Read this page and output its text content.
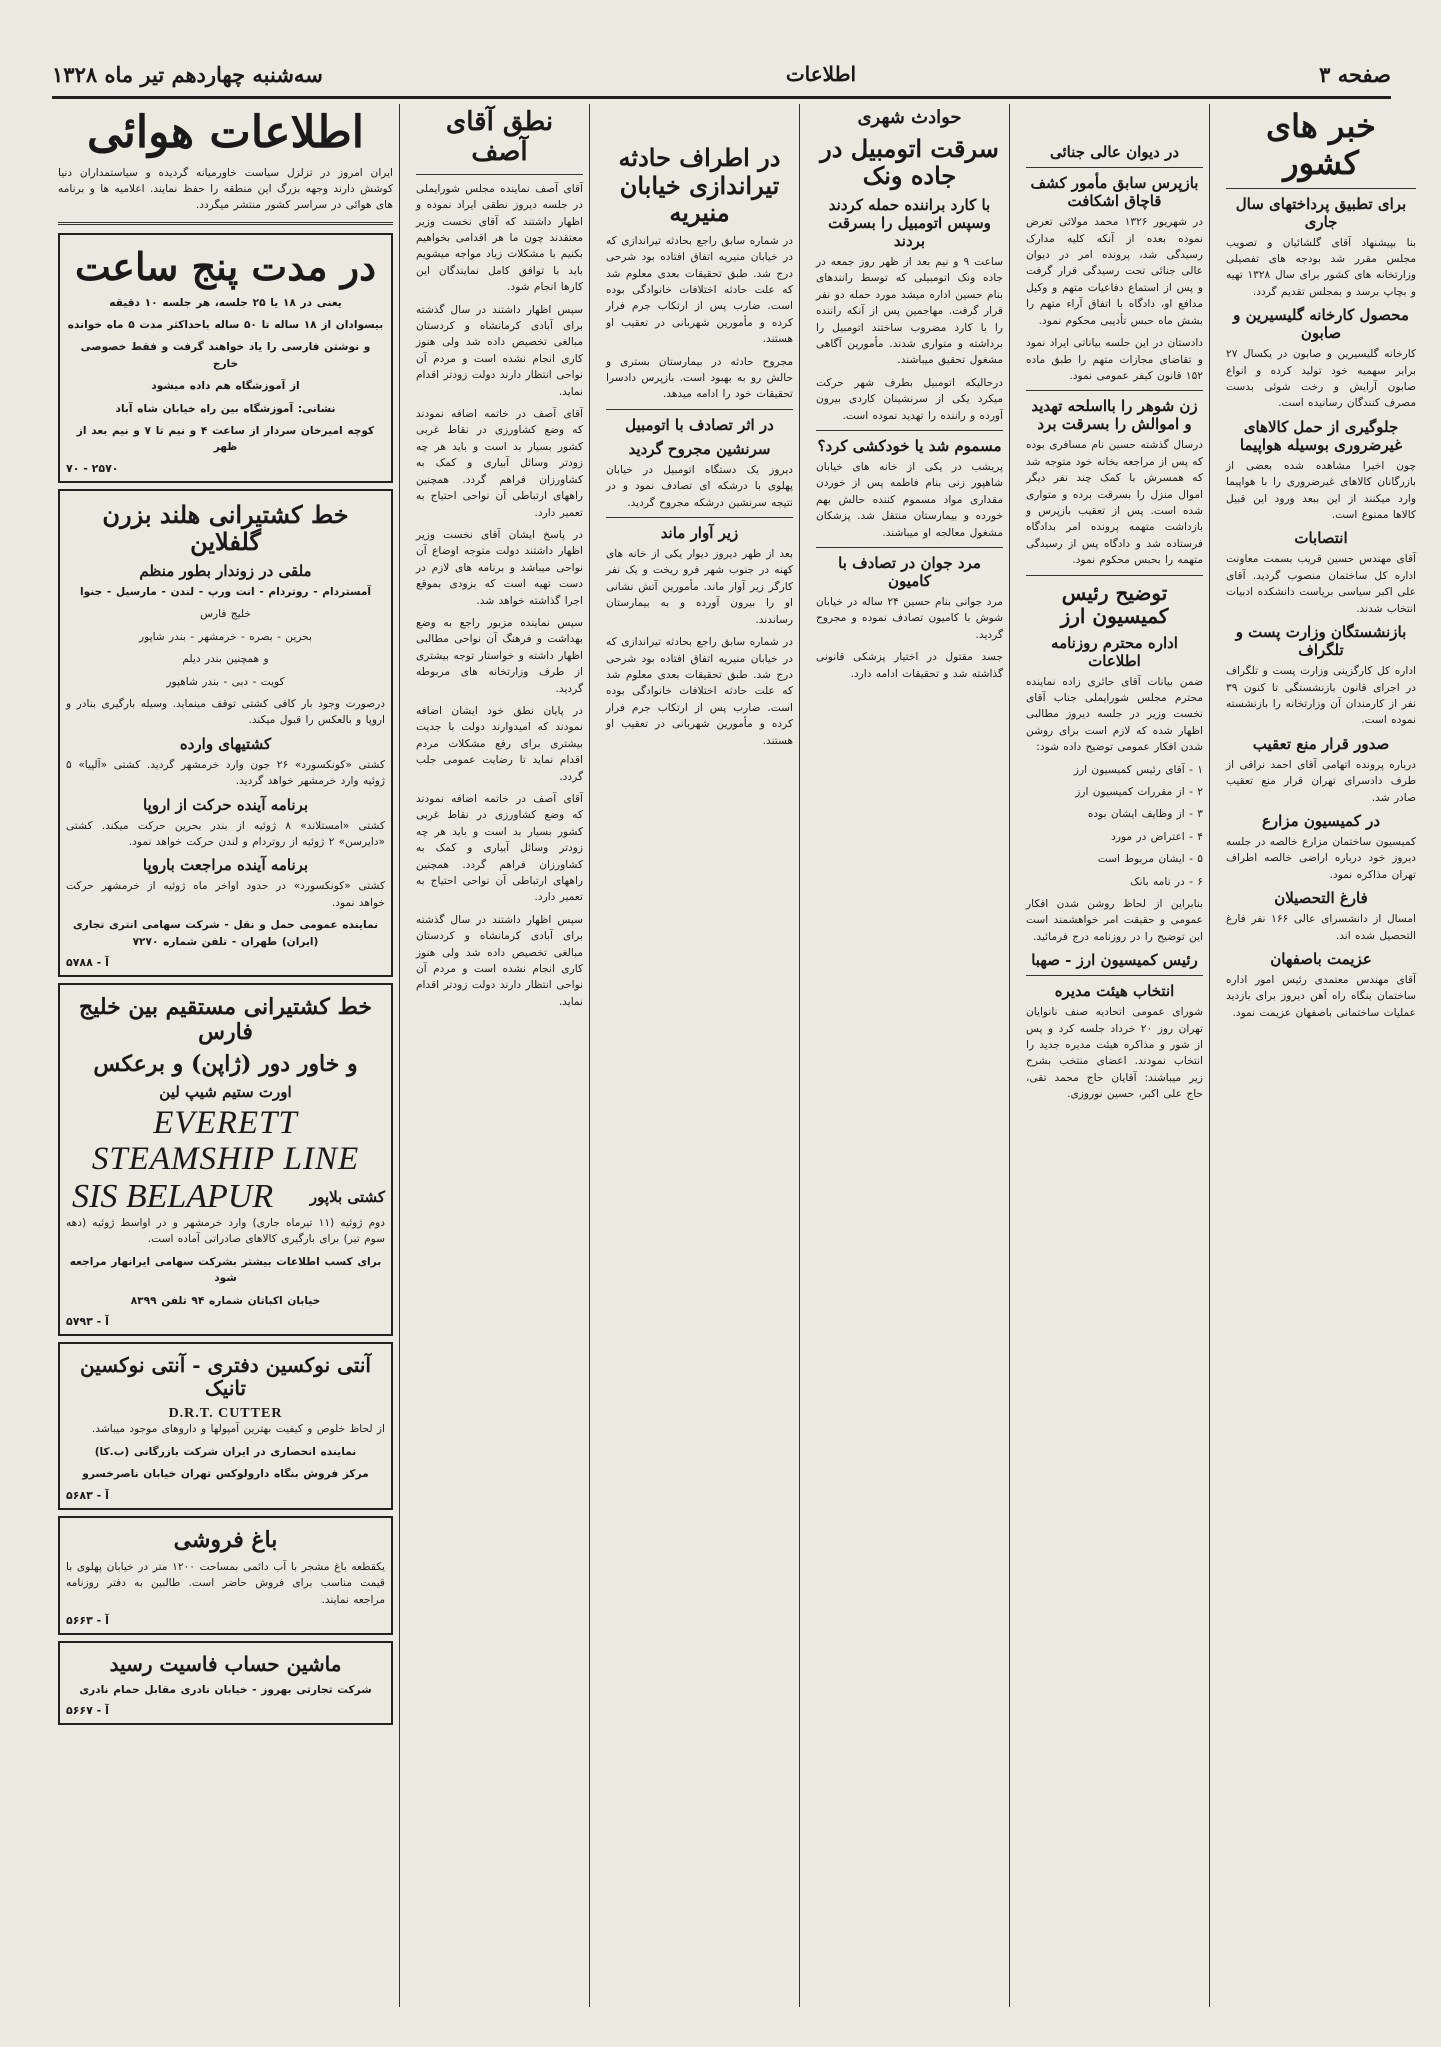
صفحه ۳
اطلاعات
سه‌شنبه چهاردهم تیر ماه ۱۳۲۸
اطلاعات هوائی

ایران امروز در تزلزل سیاست خاورمیانه گردیده و سیاستمداران دنیا کوشش دارند وجهه بزرگ این منطقه را حفظ نمایند. اعلامیه ها و برنامه های هوائی در سراسر کشور منتشر میگردد.

در مدت پنج ساعت
یعنی در ۱۸ یا ۲۵ جلسه، هر جلسه ۱۰ دقیقه
بیسوادان از ۱۸ ساله تا ۵۰ ساله باحداکثر مدت ۵ ماه خوانده
و نوشتن فارسی را یاد خواهند گرفت و فقط خصوصی خارج
از آموزشگاه هم داده میشود
نشانی: آموزشگاه بین راه خیابان شاه آباد
کوچه امیرخان سردار از ساعت ۴ و نیم تا ۷ و نیم بعد از ظهر
۷۰ - ۲۵۷۰
خط کشتیرانی هلند بزرن گلفلاین
ملقی در زوندار بطور منظم
آمستردام - روتردام - انت ورپ - لندن - مارسیل - جنوا
خلیج فارس
بحرین - بصره - خرمشهر - بندر شاپور
و همچنین بندر دیلم
کویت - دبی - بندر شاهپور

درصورت وجود بار کافی کشتی توقف مینماید. وسیله بارگیری بنادر و اروپا و بالعکس را قبول میکند.

کشتیهای وارده

کشتی «کونکسورد» ۲۶ جون وارد خرمشهر گردید. کشتی «آلپیا» ۵ ژوئیه وارد خرمشهر خواهد گردید.

برنامه آینده حرکت از اروپا

کشتی «امستلاند» ۸ ژوئیه از بندر بحرین حرکت میکند. کشتی «دایرسن» ۲ ژوئیه از روتردام و لندن حرکت خواهد نمود.

برنامه آینده مراجعت باروپا

کشتی «کونکسورد» در حدود اواخر ماه ژوئیه از خرمشهر حرکت خواهد نمود.

نماینده عمومی حمل و نقل - شرکت سهامی انتری تجاری (ایران) طهران - تلفن شماره ۷۲۷۰

۵۷۸۸ - آ
خط کشتیرانی مستقیم بین خلیج فارس
و خاور دور (ژاپن) و برعکس
اورت ستیم شیپ لین
EVERETT STEAMSHIP LINE
SIS BELAPUR کشتی بلاپور

دوم ژوئیه (۱۱ تیرماه جاری) وارد خرمشهر و در اواسط ژوئیه (دهه سوم تیر) برای بارگیری کالاهای صادراتی آماده است.

برای کسب اطلاعات بیشتر بشرکت سهامی ایرانهار مراجعه شود

خیابان اکباتان شماره ۹۴ تلفن ۸۳۹۹

۵۷۹۳ - آ
آنتی نوکسین دفتری - آنتی نوکسین تانیک
D.R.T. CUTTER

از لحاظ خلوص و کیفیت بهترین آمپولها و داروهای موجود میباشد.

نماینده انحصاری در ایران شرکت بازرگانی (ب.کا)

مرکز فروش بنگاه دارولوکس تهران خیابان ناصرخسرو

۵۶۸۳ - آ
باغ فروشی

یکقطعه باغ مشجر با آب دائمی بمساحت ۱۲۰۰ متر در خیابان پهلوی با قیمت مناسب برای فروش حاضر است. طالبین به دفتر روزنامه مراجعه نمایند.

۵۶۶۳ - آ
ماشین حساب فاسیت رسید

شرکت تجارتی بهروز - خیابان نادری مقابل حمام نادری

۵۶۶۷ - آ
نطق آقای آصف

آقای آصف نماینده مجلس شورایملی در جلسه دیروز نطقی ایراد نموده و اظهار داشتند که آقای نخست وزیر معتقدند چون ما هر اقدامی بخواهیم بکنیم با مشکلات زیاد مواجه میشویم باید با توافق کامل نمایندگان این کارها انجام شود.

سپس اظهار داشتند در سال گذشته برای آبادی کرمانشاه و کردستان مبالغی تخصیص داده شد ولی هنوز کاری انجام نشده است و مردم آن نواحی انتظار دارند دولت زودتر اقدام نماید.

آقای آصف در خاتمه اضافه نمودند که وضع کشاورزی در نقاط غربی کشور بسیار بد است و باید هر چه زودتر وسائل آبیاری و کمک به کشاورزان فراهم گردد. همچنین راههای ارتباطی آن نواحی احتیاج به تعمیر دارد.

در پاسخ ایشان آقای نخست وزیر اظهار داشتند دولت متوجه اوضاع آن نواحی میباشد و برنامه های لازم در دست تهیه است که بزودی بموقع اجرا گذاشته خواهد شد.

سپس نماینده مزبور راجع به وضع بهداشت و فرهنگ آن نواحی مطالبی اظهار داشته و خواستار توجه بیشتری از طرف وزارتخانه های مربوطه گردید.

در پایان نطق خود ایشان اضافه نمودند که امیدوارند دولت با جدیت بیشتری برای رفع مشکلات مردم اقدام نماید تا رضایت عمومی جلب گردد.

آقای آصف در خاتمه اضافه نمودند که وضع کشاورزی در نقاط غربی کشور بسیار بد است و باید هر چه زودتر وسائل آبیاری و کمک به کشاورزان فراهم گردد. همچنین راههای ارتباطی آن نواحی احتیاج به تعمیر دارد.

سپس اظهار داشتند در سال گذشته برای آبادی کرمانشاه و کردستان مبالغی تخصیص داده شد ولی هنوز کاری انجام نشده است و مردم آن نواحی انتظار دارند دولت زودتر اقدام نماید.

در اطراف حادثه تیراندازی خیابان منیریه

در شماره سابق راجع بحادثه تیراندازی که در خیابان منیریه اتفاق افتاده بود شرحی درج شد. طبق تحقیقات بعدی معلوم شد که علت حادثه اختلافات خانوادگی بوده است. ضارب پس از ارتکاب جرم فرار کرده و مأمورین شهربانی در تعقیب او هستند.

مجروح حادثه در بیمارستان بستری و حالش رو به بهبود است. بازپرس دادسرا تحقیقات خود را ادامه میدهد.

در اثر تصادف با اتومبیل
سرنشین مجروح گردید

دیروز یک دستگاه اتومبیل در خیابان پهلوی با درشکه ای تصادف نمود و در نتیجه سرنشین درشکه مجروح گردید.

زیر آوار ماند

بعد از ظهر دیروز دیوار یکی از خانه های کهنه در جنوب شهر فرو ریخت و یک نفر کارگر زیر آوار ماند. مأمورین آتش نشانی او را بیرون آورده و به بیمارستان رساندند.

در شماره سابق راجع بحادثه تیراندازی که در خیابان منیریه اتفاق افتاده بود شرحی درج شد. طبق تحقیقات بعدی معلوم شد که علت حادثه اختلافات خانوادگی بوده است. ضارب پس از ارتکاب جرم فرار کرده و مأمورین شهربانی در تعقیب او هستند.

حوادث شهری
سرقت اتومبیل در جاده ونک
با کارد براننده حمله کردند وسپس اتومبیل را بسرقت بردند

ساعت ۹ و نیم بعد از ظهر روز جمعه در جاده ونک اتومبیلی که توسط رانندهای بنام حسین اداره میشد مورد حمله دو نفر قرار گرفت. مهاجمین پس از آنکه راننده را با کارد مضروب ساختند اتومبیل را برداشته و متواری شدند. مأمورین آگاهی مشغول تحقیق میباشند.

درحالیکه اتومبیل بطرف شهر حرکت میکرد یکی از سرنشینان کاردی بیرون آورده و راننده را تهدید نموده است.

مسموم شد یا خودکشی کرد؟

پریشب در یکی از خانه های خیابان شاهپور زنی بنام فاطمه پس از خوردن مقداری مواد مسموم کننده حالش بهم خورده و بیمارستان منتقل شد. پزشکان مشغول معالجه او میباشند.

مرد جوان در تصادف با کامیون

مرد جوانی بنام حسین ۲۴ ساله در خیابان شوش با کامیون تصادف نموده و مجروح گردید.

جسد مقتول در اختیار پزشکی قانونی گذاشته شد و تحقیقات ادامه دارد.

در دیوان عالی جنائی
بازپرس سابق مأمور کشف قاچاق اشکافت

در شهریور ۱۳۲۶ محمد مولائی تعرض نموده بعده از آنکه کلیه مدارک رسیدگی شد، پرونده امر در دیوان عالی جنائی تحت رسیدگی قرار گرفت و پس از استماع دفاعیات متهم و وکیل مدافع او، دادگاه با اتفاق آراء متهم را بشش ماه حبس تأدیبی محکوم نمود.

دادستان در این جلسه بیاناتی ایراد نمود و تقاضای مجازات متهم را طبق ماده ۱۵۲ قانون کیفر عمومی نمود.

زن شوهر را بااسلحه تهدید و اموالش را بسرقت برد

درسال گذشته حسین نام مسافری بوده که پس از مراجعه بخانه خود متوجه شد که همسرش با کمک چند نفر دیگر اموال منزل را بسرقت برده و متواری شده است. پس از تعقیب بازپرس و بازداشت متهمه پرونده امر بدادگاه فرستاده شد و دادگاه پس از رسیدگی متهمه را بحبس محکوم نمود.

توضیح رئیس کمیسیون ارز
اداره محترم روزنامه اطلاعات

ضمن بیانات آقای حائری زاده نماینده محترم مجلس شورایملی جناب آقای نخست وزیر در جلسه دیروز مطالبی اظهار شده که لازم است برای روشن شدن افکار عمومی توضیح داده شود:

۱ - آقای رئیس کمیسیون ارز
۲ - از مقررات کمیسیون ارز
۳ - از وظایف ایشان بوده
۴ - اعتراض در مورد
۵ - ایشان مربوط است
۶ - در نامه بانک

بنابراین از لحاظ روشن شدن افکار عمومی و حقیقت امر خواهشمند است این توضیح را در روزنامه درج فرمائید.

رئیس کمیسیون ارز - صهبا
انتخاب هیئت مدیره

شورای عمومی اتحادیه صنف نانوایان تهران روز ۲۰ خرداد جلسه کرد و پس از شور و مذاکره هیئت مدیره جدید را انتخاب نمودند. اعضای منتخب بشرح زیر میباشند: آقایان حاج محمد تقی، حاج علی اکبر، حسین نوروزی.

خبر های کشور
برای تطبیق پرداختهای سال جاری

بنا بپیشنهاد آقای گلشائیان و تصویب مجلس مقرر شد بودجه های تفصیلی وزارتخانه های کشور برای سال ۱۳۲۸ تهیه و بچاپ برسد و بمجلس تقدیم گردد.

محصول کارخانه گلیسیرین و صابون

کارخانه گلیسیرین و صابون در یکسال ۲۷ برابر سهمیه خود تولید کرده و انواع صابون آرایش و رخت شوئی بدست مصرف کنندگان رسانیده است.

جلوگیری از حمل کالاهای غیرضروری بوسیله هواپیما

چون اخیرا مشاهده شده بعضی از بازرگانان کالاهای غیرضروری را با هواپیما وارد میکنند از این ببعد ورود این قبیل کالاها ممنوع است.

انتصابات

آقای مهندس حسین قریب بسمت معاونت اداره کل ساختمان منصوب گردید. آقای علی اکبر سیاسی بریاست دانشکده ادبیات انتخاب شدند.

بازنشستگان وزارت پست و تلگراف

اداره کل کارگزینی وزارت پست و تلگراف در اجرای قانون بازنشستگی تا کنون ۳۹ نفر از کارمندان آن وزارتخانه را بازنشسته نموده است.

صدور قرار منع تعقیب

درباره پرونده اتهامی آقای احمد نراقی از طرف دادسرای تهران قرار منع تعقیب صادر شد.

در کمیسیون مزارع

کمیسیون ساختمان مزارع خالصه در جلسه دیروز خود درباره اراضی خالصه اطراف تهران مذاکره نمود.

فارغ التحصیلان

امسال از دانشسرای عالی ۱۶۶ نفر فارغ التحصیل شده اند.

عزیمت باصفهان

آقای مهندس معتمدی رئیس امور اداره ساختمان بنگاه راه آهن دیروز برای بازدید عملیات ساختمانی باصفهان عزیمت نمود.
